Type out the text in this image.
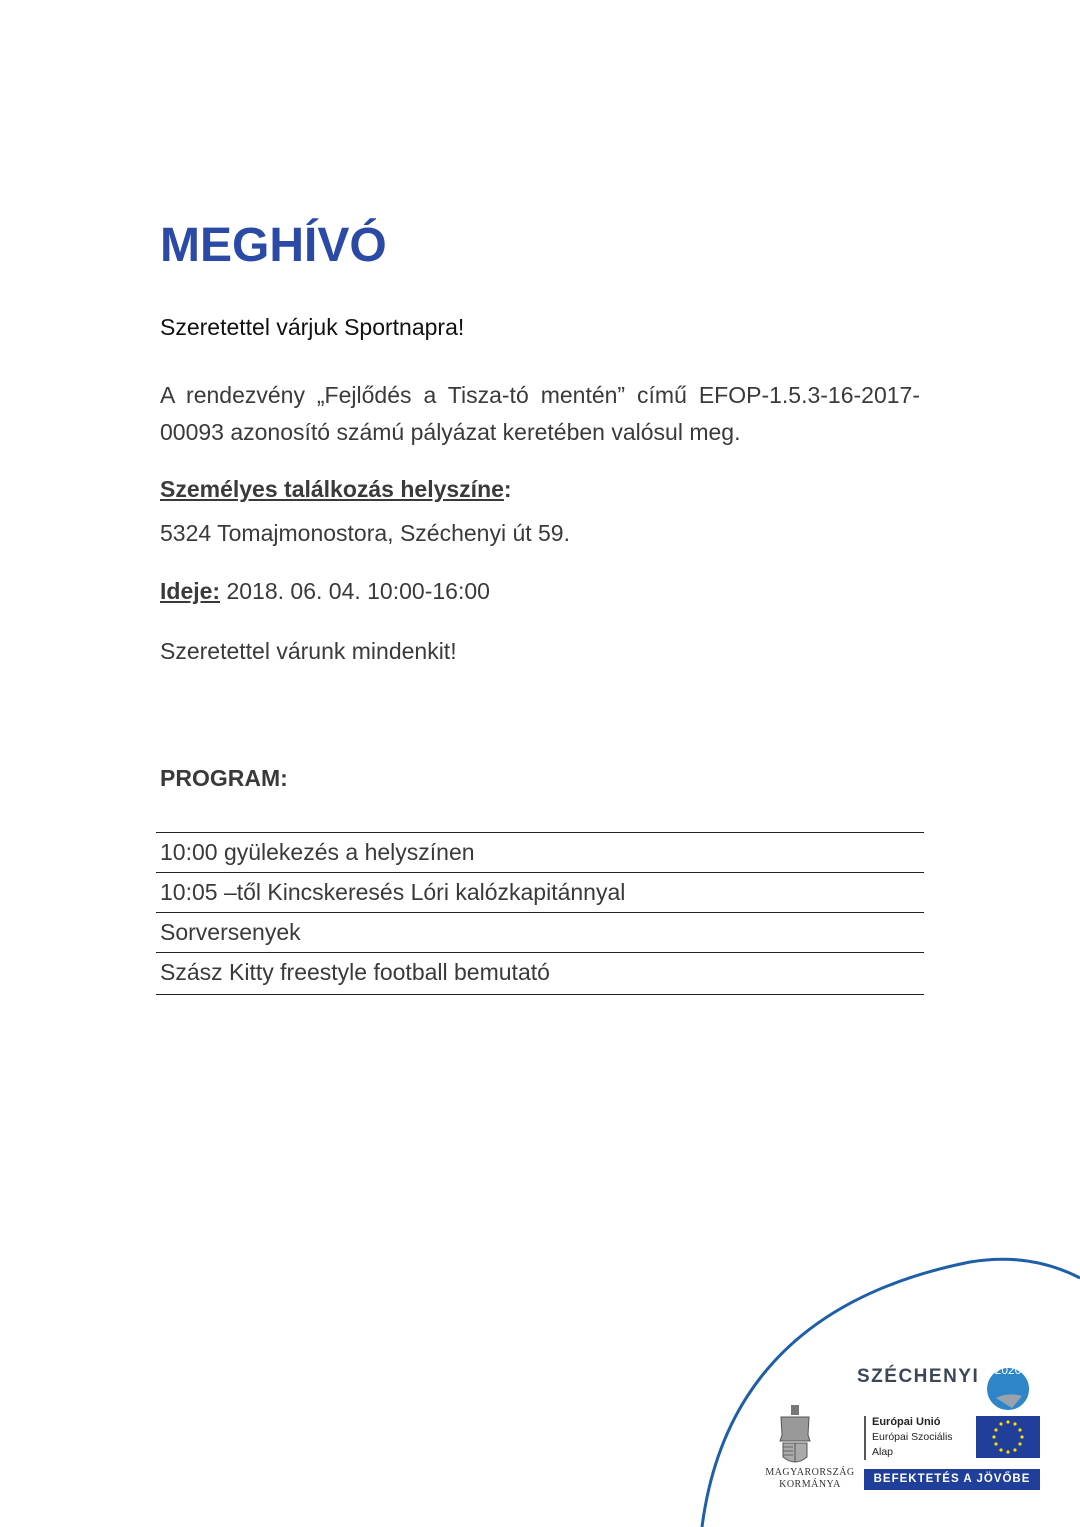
MEGHÍVÓ
Szeretettel várjuk Sportnapra!
A rendezvény „Fejlődés a Tisza-tó mentén” című EFOP-1.5.3-16-2017-00093 azonosító számú pályázat keretében valósul meg.
Személyes találkozás helyszíne:
5324 Tomajmonostora, Széchenyi út 59.
Ideje: 2018. 06. 04. 10:00-16:00
Szeretettel várunk mindenkit!
PROGRAM:
10:00 gyülekezés a helyszínen
10:05 –től Kincskeresés Lóri kalózkapitánnyal
Sorversenyek
Szász Kitty freestyle football bemutató
2020
SZÉCHENYI
Európai Unió
Európai Szociális
Alap
BEFEKTETÉS A JÖVŐBE
MAGYARORSZÁG
KORMÁNYA
